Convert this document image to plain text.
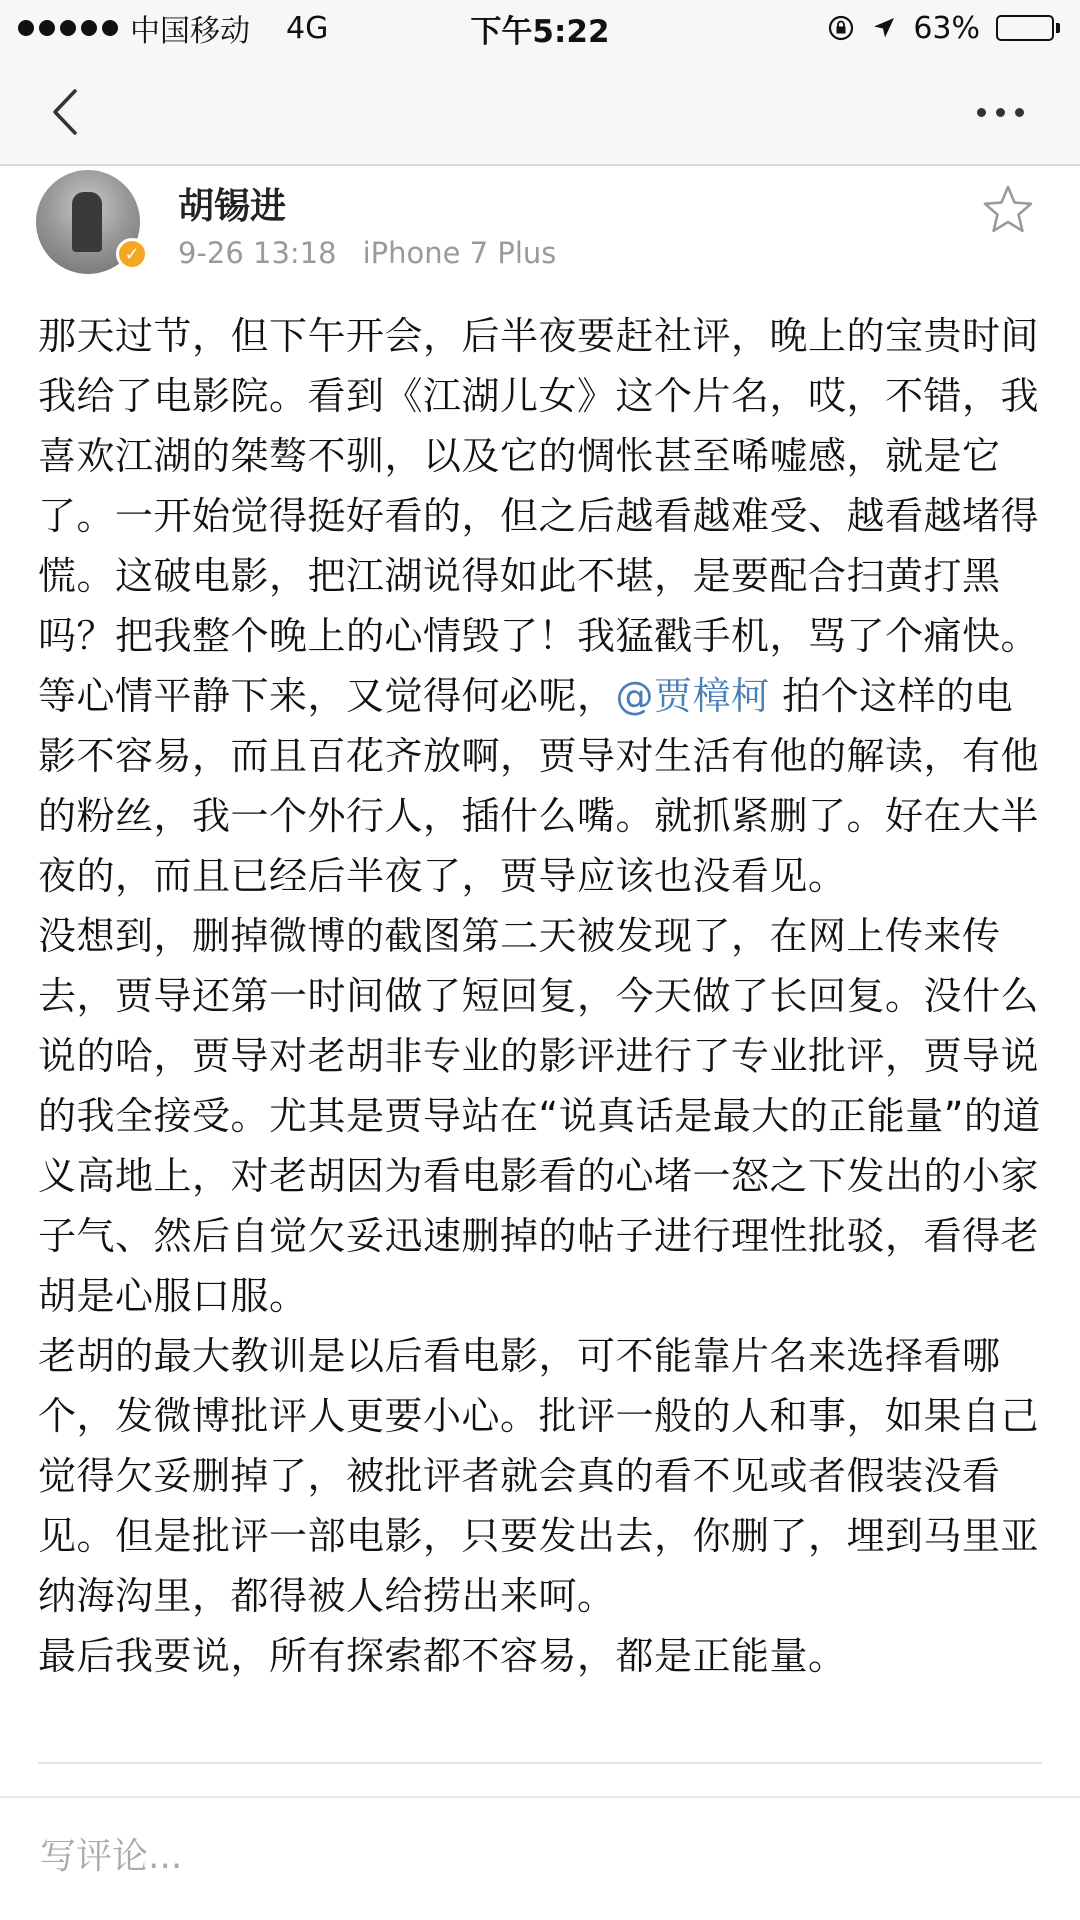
中国移动 4G	下午5:22	63%
✓
胡锡进
9-26 13:18 iPhone 7 Plus

那天过节，但下午开会，后半夜要赶社评，晚上的宝贵时间我给了电影院。看到《江湖儿女》这个片名，哎，不错，我喜欢江湖的桀骜不驯，以及它的惆怅甚至唏嘘感，就是它了。一开始觉得挺好看的，但之后越看越难受、越看越堵得慌。这破电影，把江湖说得如此不堪，是要配合扫黄打黑吗？把我整个晚上的心情毁了！我猛戳手机，骂了个痛快。等心情平静下来，又觉得何必呢，@贾樟柯 拍个这样的电影不容易，而且百花齐放啊，贾导对生活有他的解读，有他的粉丝，我一个外行人，插什么嘴。就抓紧删了。好在大半夜的，而且已经后半夜了，贾导应该也没看见。

没想到，删掉微博的截图第二天被发现了，在网上传来传去，贾导还第一时间做了短回复，今天做了长回复。没什么说的哈，贾导对老胡非专业的影评进行了专业批评，贾导说的我全接受。尤其是贾导站在“说真话是最大的正能量”的道义高地上，对老胡因为看电影看的心堵一怒之下发出的小家子气、然后自觉欠妥迅速删掉的帖子进行理性批驳，看得老胡是心服口服。

老胡的最大教训是以后看电影，可不能靠片名来选择看哪个，发微博批评人更要小心。批评一般的人和事，如果自己觉得欠妥删掉了，被批评者就会真的看不见或者假装没看见。但是批评一部电影，只要发出去，你删了，埋到马里亚纳海沟里，都得被人给捞出来呵。

最后我要说，所有探索都不容易，都是正能量。

写评论...
